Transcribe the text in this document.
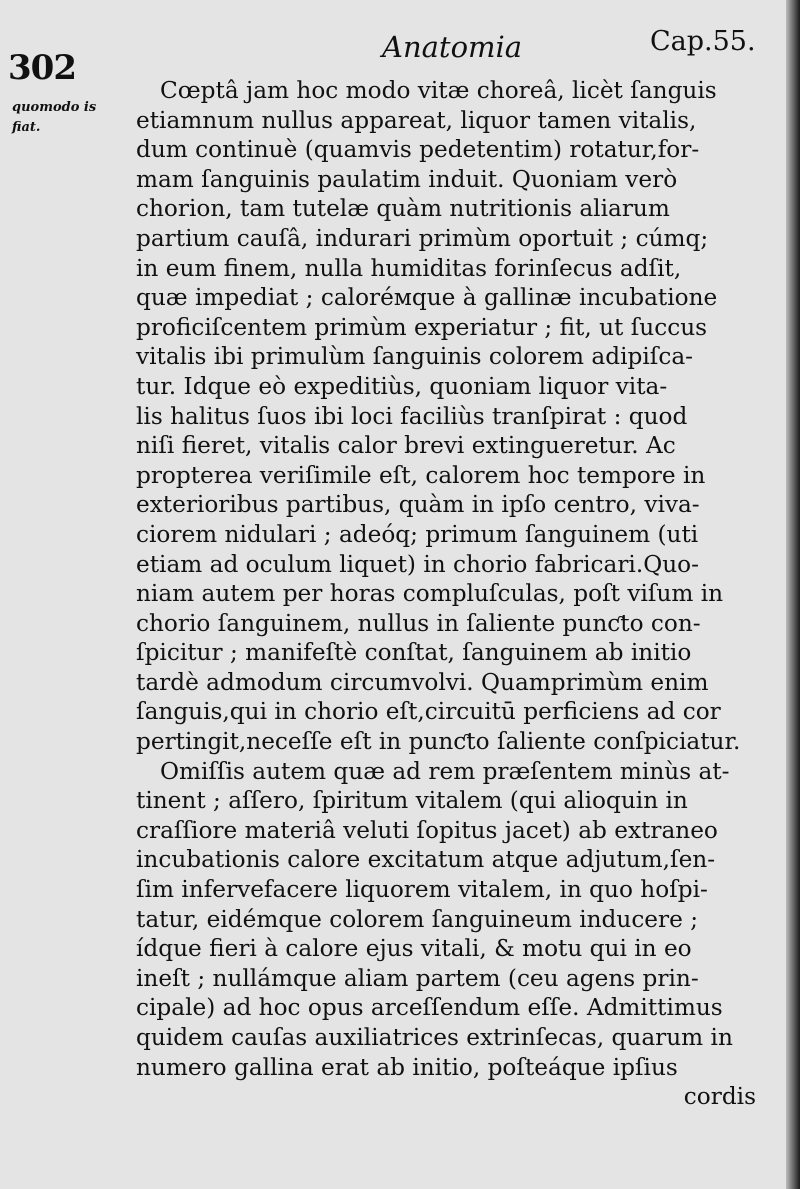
302
Anatomia	Cap.55.
quomodo is
fiat.
Cœptâ jam hoc modo vitæ choreâ, licèt ſanguis
etiamnum nullus appareat, liquor tamen vitalis,
dum continuè (quamvis pedetentim) rotatur,for-
mam ſanguinis paulatim induit. Quoniam verò
chorion, tam tutelæ quàm nutritionis aliarum
partium cauſâ, indurari primùm oportuit ; cúmq;
in eum finem, nulla humiditas forinſecus adſit,
quæ impediat ; caloréмque à gallinæ incubatione
proficiſcentem primùm experiatur ; fit, ut ſuccus
vitalis ibi primulùm ſanguinis colorem adipiſca-
tur. Idque eò expeditiùs, quoniam liquor vita-
lis halitus ſuos ibi loci faciliùs tranſpirat : quod
niſi fieret, vitalis calor brevi extingueretur. Ac
propterea veriſimile eſt, calorem hoc tempore in
exterioribus partibus, quàm in ipſo centro, viva-
ciorem nidulari ; adeóq; primum ſanguinem (uti
etiam ad oculum liquet) in chorio fabricari.Quo-
niam autem per horas compluſculas, poſt viſum in
chorio ſanguinem, nullus in ſaliente punƈto con-
ſpicitur ; manifeſtè conſtat, ſanguinem ab initio
tardè admodum circumvolvi. Quamprimùm enim
ſanguis,qui in chorio eſt,circuitū perficiens ad cor
pertingit,neceſſe eſt in punƈto ſaliente conſpiciatur.
Omiſſis autem quæ ad rem præſentem minùs at-
tinent ; aſſero, ſpiritum vitalem (qui alioquin in
craſſiore materiâ veluti ſopitus jacet) ab extraneo
incubationis calore excitatum atque adjutum,ſen-
ſim infervefacere liquorem vitalem, in quo hoſpi-
tatur, eidémque colorem ſanguineum inducere ;
ídque fieri à calore ejus vitali, & motu qui in eo
ineſt ; nullámque aliam partem (ceu agens prin-
cipale) ad hoc opus arceſſendum eſſe. Admittimus
quidem cauſas auxiliatrices extrinſecas, quarum in
numero gallina erat ab initio, poſteáque ipſius
cordis
